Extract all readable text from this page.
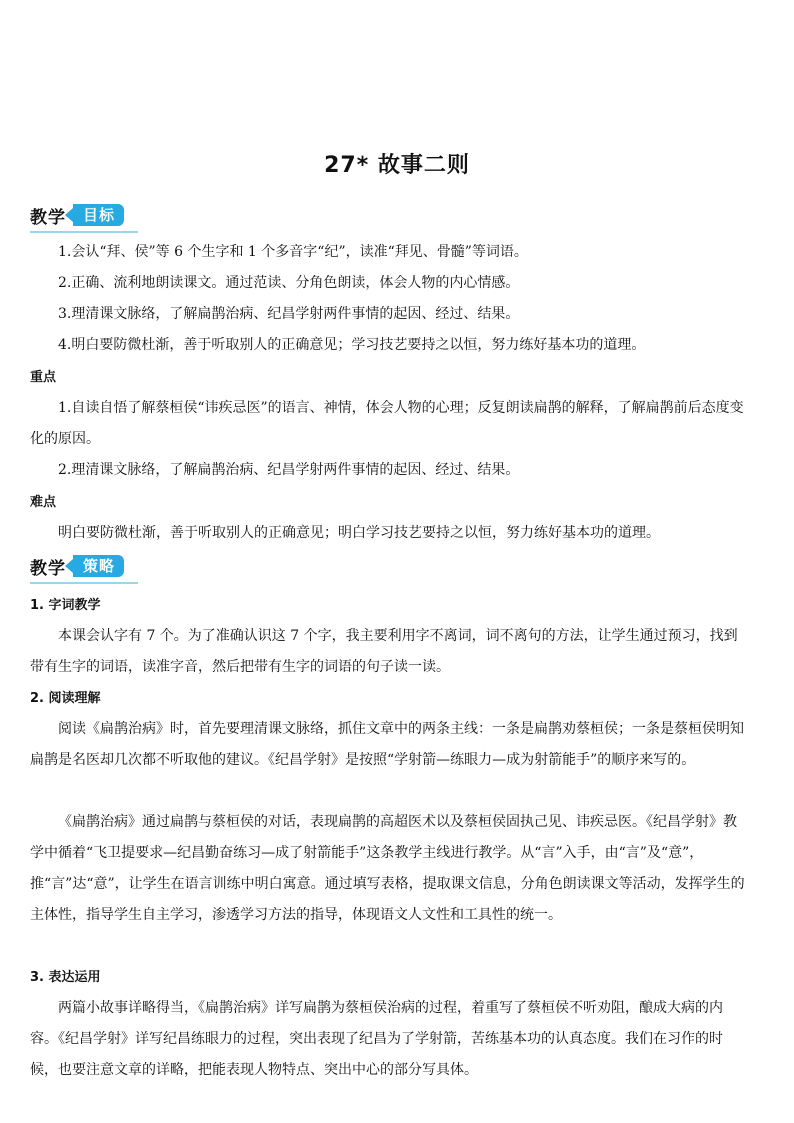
27* 故事二则
教学	目标

1.会认“拜、侯”等 6 个生字和 1 个多音字“纪”，读准“拜见、骨髓”等词语。

2.正确、流利地朗读课文。通过范读、分角色朗读，体会人物的内心情感。

3.理清课文脉络，了解扁鹊治病、纪昌学射两件事情的起因、经过、结果。

4.明白要防微杜渐，善于听取别人的正确意见；学习技艺要持之以恒，努力练好基本功的道理。

重点

1.自读自悟了解蔡桓侯“讳疾忌医”的语言、神情，体会人物的心理；反复朗读扁鹊的解释，了解扁鹊前后态度变化的原因。

2.理清课文脉络，了解扁鹊治病、纪昌学射两件事情的起因、经过、结果。

难点

明白要防微杜渐，善于听取别人的正确意见；明白学习技艺要持之以恒，努力练好基本功的道理。

教学	策略

1. 字词教学

本课会认字有 7 个。为了准确认识这 7 个字，我主要利用字不离词，词不离句的方法，让学生通过预习，找到带有生字的词语，读准字音，然后把带有生字的词语的句子读一读。

2. 阅读理解

阅读《扁鹊治病》时，首先要理清课文脉络，抓住文章中的两条主线：一条是扁鹊劝蔡桓侯；一条是蔡桓侯明知扁鹊是名医却几次都不听取他的建议。《纪昌学射》是按照“学射箭—练眼力—成为射箭能手”的顺序来写的。

《扁鹊治病》通过扁鹊与蔡桓侯的对话，表现扁鹊的高超医术以及蔡桓侯固执己见、讳疾忌医。《纪昌学射》教学中循着“飞卫提要求—纪昌勤奋练习—成了射箭能手”这条教学主线进行教学。从“言”入手，由“言”及“意”，推“言”达“意”，让学生在语言训练中明白寓意。通过填写表格，提取课文信息，分角色朗读课文等活动，发挥学生的主体性，指导学生自主学习，渗透学习方法的指导，体现语文人文性和工具性的统一。

3. 表达运用

两篇小故事详略得当，《扁鹊治病》详写扁鹊为蔡桓侯治病的过程，着重写了蔡桓侯不听劝阻，酿成大病的内容。《纪昌学射》详写纪昌练眼力的过程，突出表现了纪昌为了学射箭，苦练基本功的认真态度。我们在习作的时候，也要注意文章的详略，把能表现人物特点、突出中心的部分写具体。
